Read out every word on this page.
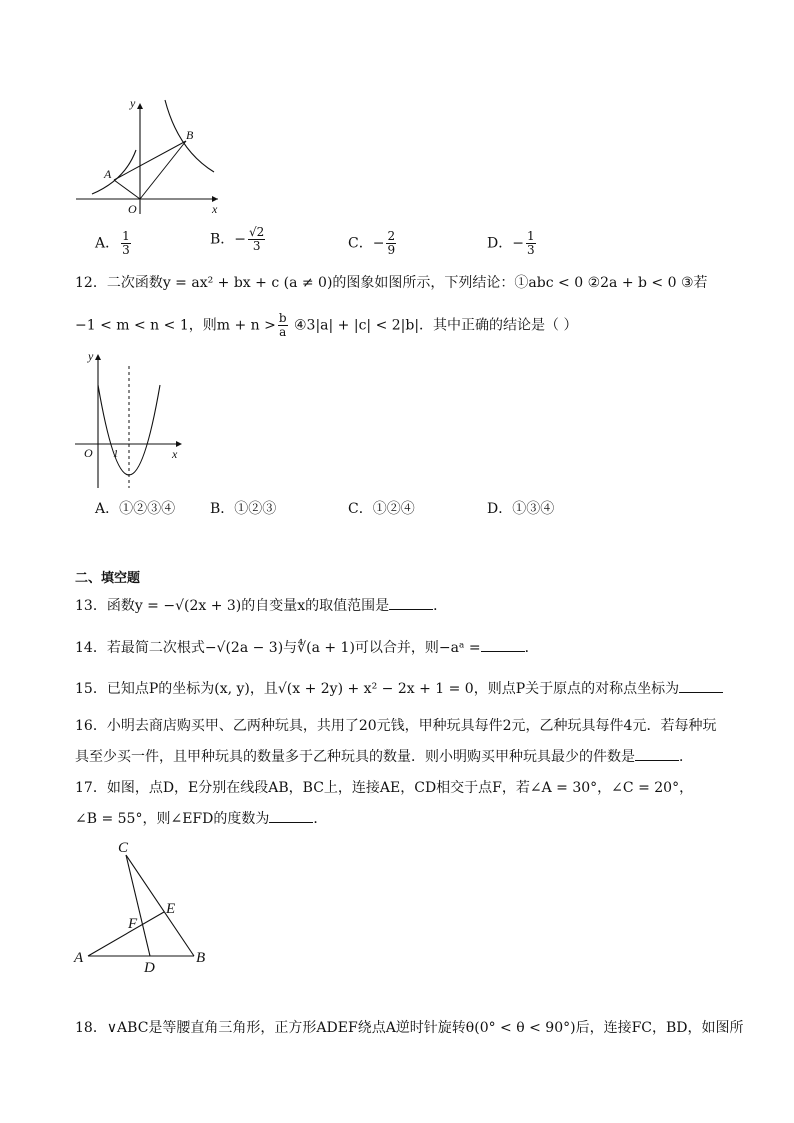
y
x
O
A
B
A． $\frac{1}{3}$	B．− $\frac{√2}{3}$	C．− $\frac{2}{9}$	D．− $\frac{1}{3}$
12．二次函数y = ax² + bx + c (a ≠ 0)的图象如图所示，下列结论：①abc < 0 ②2a + b < 0 ③若
−1 < m < n < 1，则$m + n > \frac{b}{a}$ ④3|a| + |c| < 2|b|．其中正确的结论是（ ）
y
x
O 1
A．①②③④ B．①②③	C．①②④	D．①③④
二、填空题
13．函数y = −√(2x + 3)的自变量x的取值范围是	．
14．若最简二次根式−√(2a − 3)与∜(a + 1)可以合并，则−aᵃ =	．
15．已知点P的坐标为(x, y)，且√(x + 2y) + x² − 2x + 1 = 0，则点P关于原点的对称点坐标为
16．小明去商店购买甲、乙两种玩具，共用了20元钱，甲种玩具每件2元，乙种玩具每件4元．若每种玩
具至少买一件，且甲种玩具的数量多于乙种玩具的数量．则小明购买甲种玩具最少的件数是	．
17．如图，点D，E分别在线段AB，BC上，连接AE，CD相交于点F，若∠A = 30°，∠C = 20°，
∠B = 55°，则∠EFD的度数为	．
C
E
F
A
D
B
18．∨ABC是等腰直角三角形，正方形ADEF绕点A逆时针旋转θ(0° < θ < 90°)后，连接FC，BD，如图所
